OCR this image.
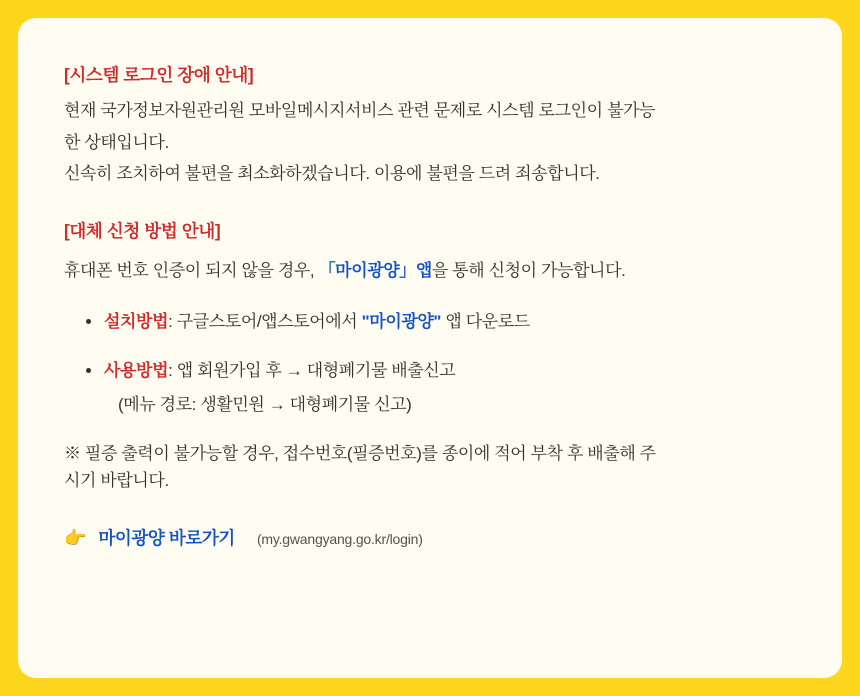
[시스템 로그인 장애 안내]

현재 국가정보자원관리원 모바일메시지서비스 관련 문제로 시스템 로그인이 불가능

한 상태입니다.

신속히 조치하여 불편을 최소화하겠습니다. 이용에 불편을 드려 죄송합니다.

[대체 신청 방법 안내]

휴대폰 번호 인증이 되지 않을 경우, 「마이광양」앱을 통해 신청이 가능합니다.

설치방법: 구글스토어/앱스토어에서 "마이광양" 앱 다운로드
사용방법: 앱 회원가입 후 → 대형폐기물 배출신고
(메뉴 경로: 생활민원 → 대형폐기물 신고)
※ 필증 출력이 불가능할 경우, 접수번호(필증번호)를 종이에 적어 부착 후 배출해 주
시기 바랍니다.
👉 마이광양 바로가기 (my.gwangyang.go.kr/login)
